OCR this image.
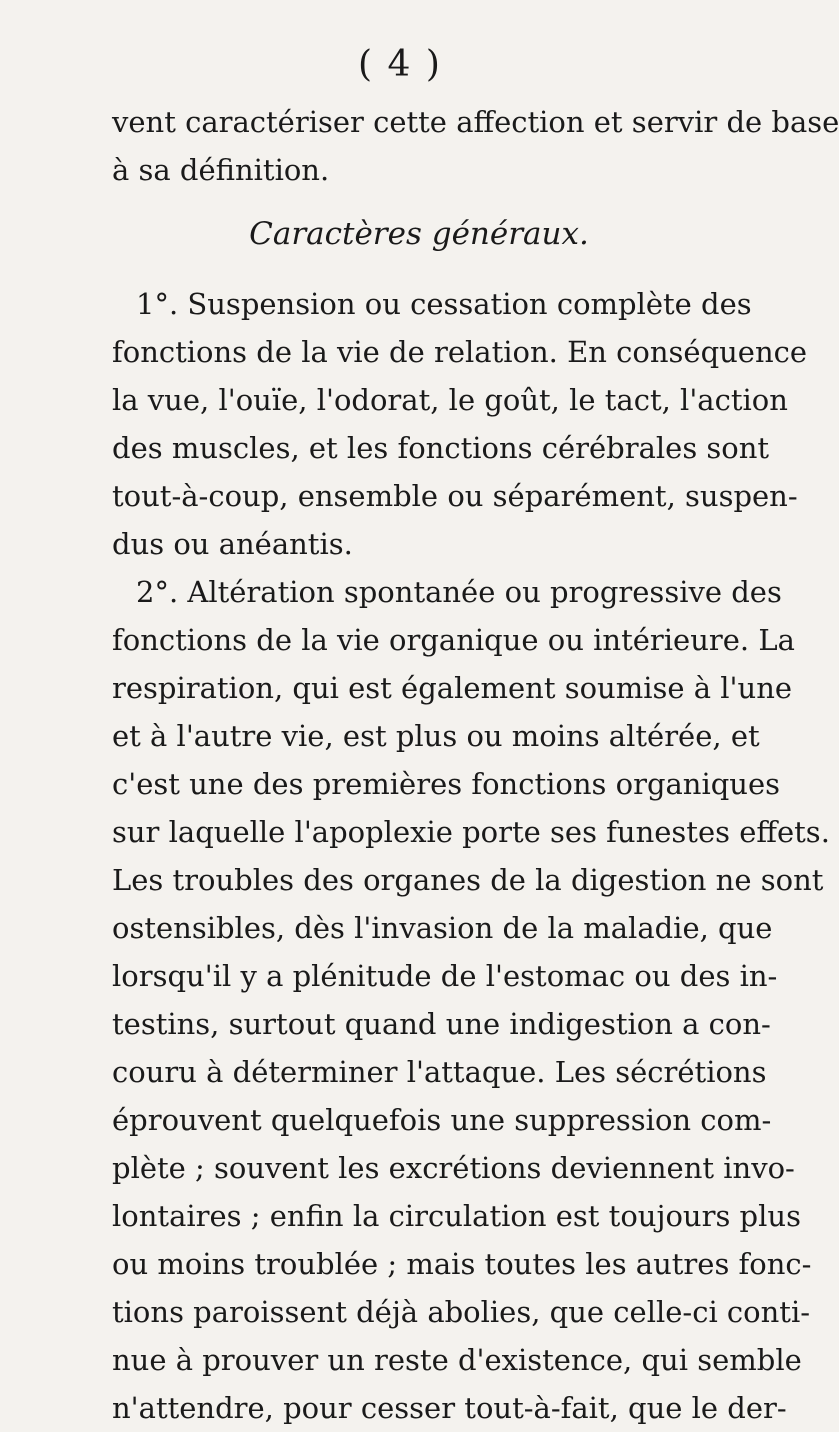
( 4 )
vent caractériser cette affection et servir de base
à sa définition.
Caractères généraux.
1°. Suspension ou cessation complète des
fonctions de la vie de relation. En conséquence
la vue, l'ouïe, l'odorat, le goût, le tact, l'action
des muscles, et les fonctions cérébrales sont
tout-à-coup, ensemble ou séparément, suspen-
dus ou anéantis.
2°. Altération spontanée ou progressive des
fonctions de la vie organique ou intérieure. La
respiration, qui est également soumise à l'une
et à l'autre vie, est plus ou moins altérée, et
c'est une des premières fonctions organiques
sur laquelle l'apoplexie porte ses funestes effets.
Les troubles des organes de la digestion ne sont
ostensibles, dès l'invasion de la maladie, que
lorsqu'il y a plénitude de l'estomac ou des in-
testins, surtout quand une indigestion a con-
couru à déterminer l'attaque. Les sécrétions
éprouvent quelquefois une suppression com-
plète ; souvent les excrétions deviennent invo-
lontaires ; enfin la circulation est toujours plus
ou moins troublée ; mais toutes les autres fonc-
tions paroissent déjà abolies, que celle-ci conti-
nue à prouver un reste d'existence, qui semble
n'attendre, pour cesser tout-à-fait, que le der-
